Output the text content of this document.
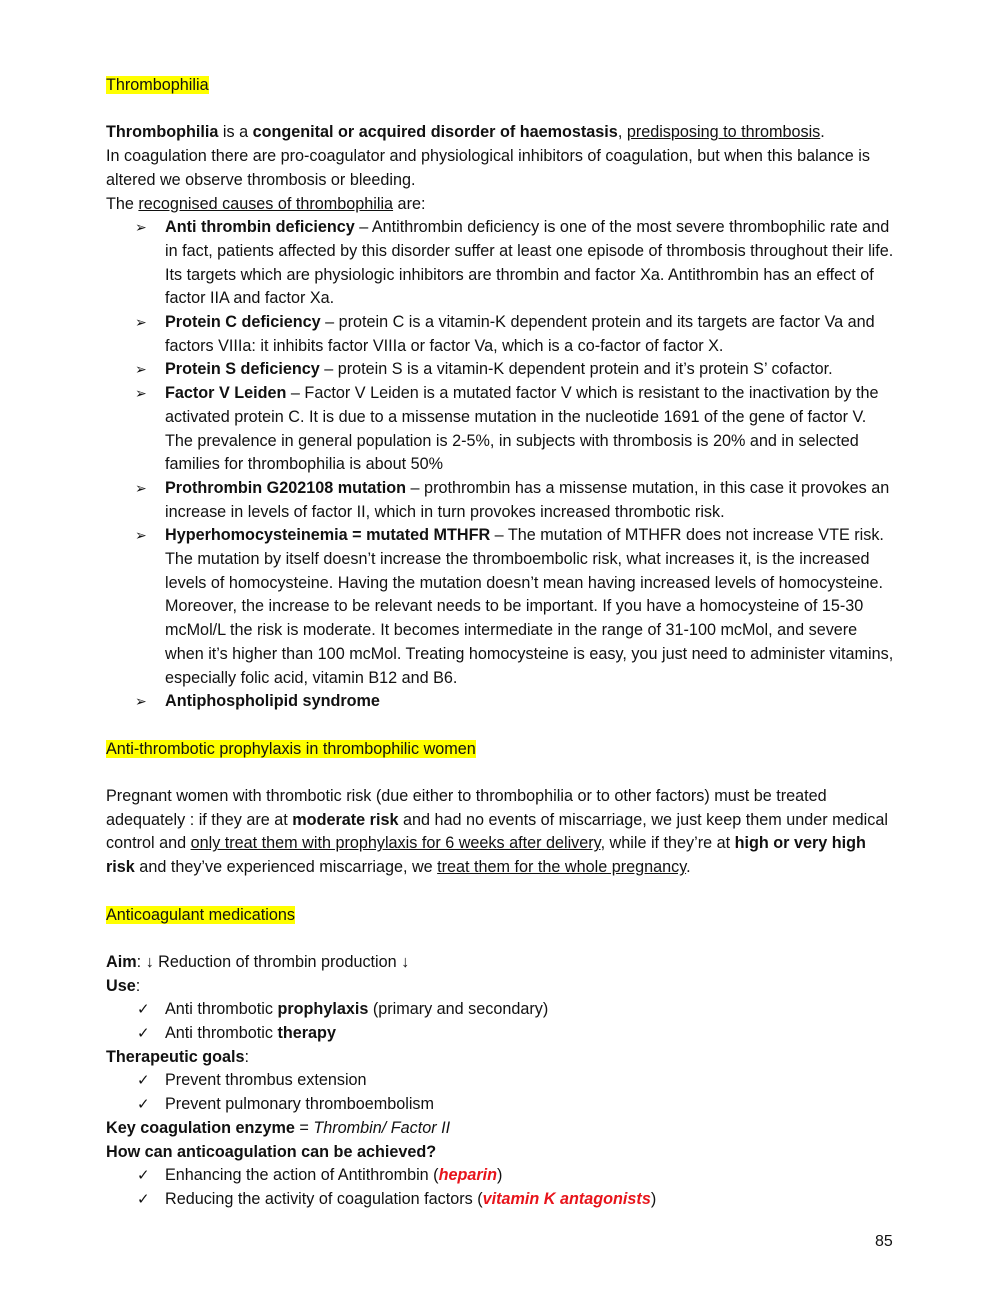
Thrombophilia

Thrombophilia is a congenital or acquired disorder of haemostasis, predisposing to thrombosis.

In coagulation there are pro-coagulator and physiological inhibitors of coagulation, but when this balance is altered we observe thrombosis or bleeding.

The recognised causes of thrombophilia are:

➢ Anti thrombin deficiency – Antithrombin deficiency is one of the most severe thrombophilic rate and in fact, patients affected by this disorder suffer at least one episode of thrombosis throughout their life. Its targets which are physiologic inhibitors are thrombin and factor Xa. Antithrombin has an effect of factor IIA and factor Xa.
➢ Protein C deficiency – protein C is a vitamin-K dependent protein and its targets are factor Va and factors VIIIa: it inhibits factor VIIIa or factor Va, which is a co-factor of factor X.
➢ Protein S deficiency – protein S is a vitamin-K dependent protein and it’s protein S’ cofactor.
➢ Factor V Leiden – Factor V Leiden is a mutated factor V which is resistant to the inactivation by the activated protein C. It is due to a missense mutation in the nucleotide 1691 of the gene of factor V. The prevalence in general population is 2-5%, in subjects with thrombosis is 20% and in selected families for thrombophilia is about 50%
➢ Prothrombin G202108 mutation – prothrombin has a missense mutation, in this case it provokes an increase in levels of factor II, which in turn provokes increased thrombotic risk.
➢ Hyperhomocysteinemia = mutated MTHFR – The mutation of MTHFR does not increase VTE risk. The mutation by itself doesn’t increase the thromboembolic risk, what increases it, is the increased levels of homocysteine. Having the mutation doesn’t mean having increased levels of homocysteine. Moreover, the increase to be relevant needs to be important. If you have a homocysteine of 15-30 mcMol/L the risk is moderate. It becomes intermediate in the range of 31-100 mcMol, and severe when it’s higher than 100 mcMol. Treating homocysteine is easy, you just need to administer vitamins, especially folic acid, vitamin B12 and B6.
➢ Antiphospholipid syndrome

Anti-thrombotic prophylaxis in thrombophilic women

Pregnant women with thrombotic risk (due either to thrombophilia or to other factors) must be treated adequately : if they are at moderate risk and had no events of miscarriage, we just keep them under medical control and only treat them with prophylaxis for 6 weeks after delivery, while if they’re at high or very high risk and they’ve experienced miscarriage, we treat them for the whole pregnancy.

Anticoagulant medications

Aim: ↓ Reduction of thrombin production ↓

Use:

✓ Anti thrombotic prophylaxis (primary and secondary)
✓ Anti thrombotic therapy

Therapeutic goals:

✓ Prevent thrombus extension
✓ Prevent pulmonary thromboembolism

Key coagulation enzyme = Thrombin/ Factor II

How can anticoagulation can be achieved?

✓ Enhancing the action of Antithrombin (heparin)
✓ Reducing the activity of coagulation factors (vitamin K antagonists)
85
